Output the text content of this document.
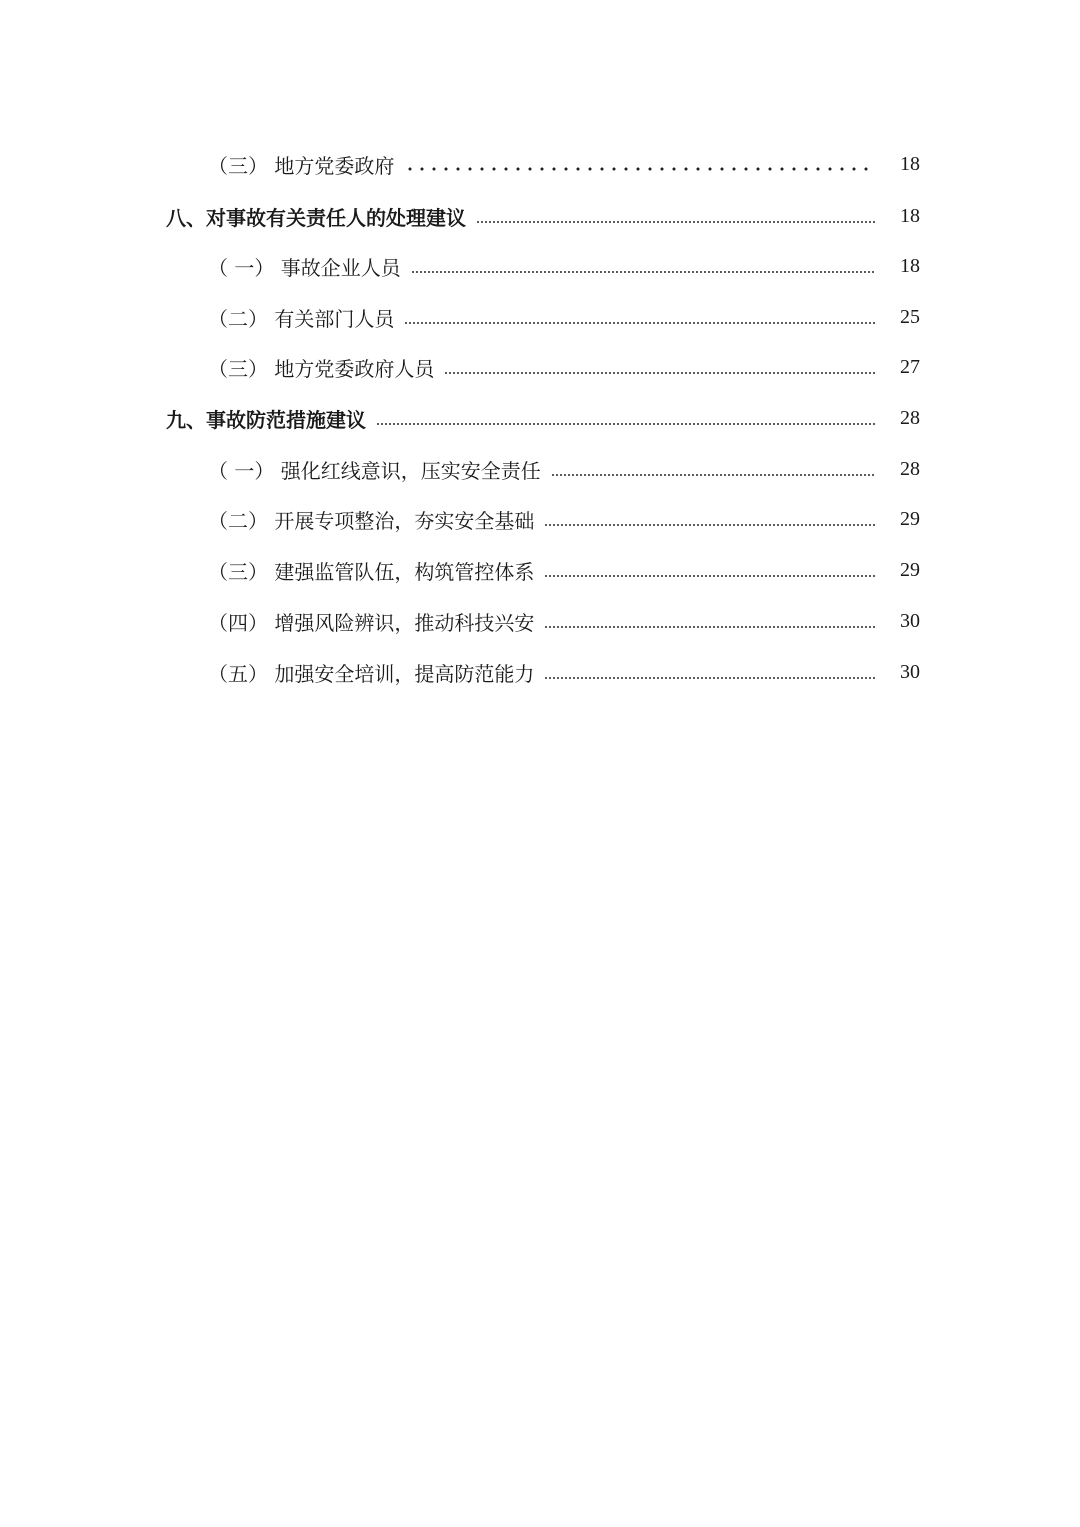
（三） 地方党委政府	18
八、对事故有关责任人的处理建议	18
（ 一） 事故企业人员	18
（二） 有关部门人员	25
（三） 地方党委政府人员	27
九、事故防范措施建议	28
（ 一） 强化红线意识，压实安全责任	28
（二） 开展专项整治，夯实安全基础	29
（三） 建强监管队伍，构筑管控体系	29
（四） 增强风险辨识，推动科技兴安	30
（五） 加强安全培训，提高防范能力	30
